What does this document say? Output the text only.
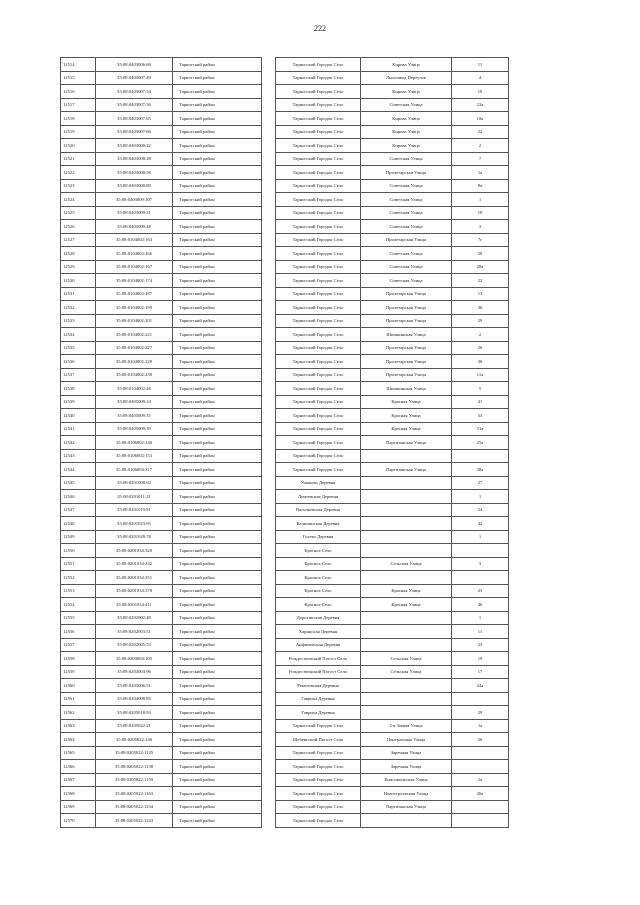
222
12514	35:08:0403006:68	Тарногский район		Тарногский Городок Село	Кирова Улица	11
12515	35:08:0403007:49	Тарногский район		Тарногский Городок Село	Льнозавод Переулок	4
12516	35:08:0403007:54	Тарногский район		Тарногский Городок Село	Кирова Улица	18
12517	35:08:0403007:56	Тарногский район		Тарногский Городок Село	Советская Улица	22а
12518	35:08:0403007:65	Тарногский район		Тарногский Городок Село	Кирова Улица	18а
12519	35:08:0403007:66	Тарногский район		Тарногский Городок Село	Кирова Улица	22
12520	35:08:0403008:22	Тарногский район		Тарногский Городок Село	Кирова Улица	2
12521	35:08:0403008:28	Тарногский район		Тарногский Городок Село	Советская Улица	7
12522	35:08:0403008:58	Тарногский район		Тарногский Городок Село	Пролетарская Улица	1а
12523	35:08:0403008:80	Тарногский район		Тарногский Городок Село	Советская Улица	9а
12524	35:08:0403009:107	Тарногский район		Тарногский Городок Село	Советская Улица	1
12525	35:08:0403009:31	Тарногский район		Тарногский Городок Село	Советская Улица	10
12526	35:08:0403009:48	Тарногский район		Тарногский Городок Село	Советская Улица	3
12527	35:08:0104002:163	Тарногский район		Тарногский Городок Село	Пролетарская Улица	7г
12528	35:08:0104002:166	Тарногский район		Тарногский Городок Село	Советская Улица	28
12529	35:08:0104002:167	Тарногский район		Тарногский Городок Село	Советская Улица	28а
12530	35:08:0104002:174	Тарногский район		Тарногский Городок Село	Советская Улица	22
12531	35:08:0104002:187	Тарногский район		Тарногский Городок Село	Пролетарская Улица	13
12532	35:08:0104002:199	Тарногский район		Тарногский Городок Село	Пролетарская Улица	30
12533	35:08:0104002:201	Тарногский район		Тарногский Городок Село	Пролетарская Улица	29
12534	35:08:0104002:221	Тарногский район		Тарногский Городок Село	Шишкинская Улица	2
12535	35:08:0104002:227	Тарногский район		Тарногский Городок Село	Пролетарская Улица	26
12536	35:08:0104002:229	Тарногский район		Тарногский Городок Село	Пролетарская Улица	30
12537	35:08:0104002:230	Тарногский район		Тарногский Городок Село	Пролетарская Улица	11а
12538	35:08:0104002:48	Тарногский район		Тарногский Городок Село	Шишкинская Улица	5
12539	35:08:0405009:24	Тарногский район		Тарногский Городок Село	Красная Улица	41
12540	35:08:0405009:35	Тарногский район		Тарногский Городок Село	Красная Улица	53
12541	35:08:0405009:39	Тарногский район		Тарногский Городок Село	Красная Улица	51а
12542	35:08:0106002:140	Тарногский район		Тарногский Городок Село	Партизанская Улица	25а
12543	35:08:0106002:153	Тарногский район		Тарногский Городок Село		
12544	35:08:0106004:317	Тарногский район		Тарногский Городок Село	Партизанская Улица	38а
12545	35:08:0201008:62	Тарногский район		Ушаково Деревня		27
12546	35:08:0201011:21	Тарногский район		Ломтевская Деревня		1
12547	35:08:0201019:81	Тарногский район		Васильевская Деревня		24
12548	35:08:0201023:95	Тарногский район		Калининская Деревня		42
12549	35:08:0201028:78	Тарногский район		Гулево Деревня		1
12550	35:08:0201034:320	Тарногский район		Красное Село		
12551	35:08:0201034:332	Тарногский район		Красное Село	Сельская Улица	3
12552	35:08:0201034:351	Тарногский район		Красное Село		
12553	35:08:0201034:378	Тарногский район		Красное Село	Красная Улица	23
12554	35:08:0201034:411	Тарногский район		Красное Село	Красная Улица	46
12555	35:08:0202002:48	Тарногский район		Дорогинская Деревня		1
12556	35:08:0202003:51	Тарногский район		Харинская Деревня		11
12557	35:08:0202005:53	Тарногский район		Анфимовская Деревня		23
12558	35:08:0203004:105	Тарногский район		Рождественский Погост Село	Сельская Улица	19
12559	35:08:0203004:96	Тарногский район		Рождественский Погост Село	Сельская Улица	17
12560	35:08:0203006:51	Тарногский район		Ремезовская Деревня		24а
12561	35:08:0204008:85	Тарногский район		Гавриха Деревня		
12562	35:08:0205018:93	Тарногский район		Гавриха Деревня		29
12563	35:08:0205022:21	Тарногский район		Тарногский Городок Село	2-я Заовая Улица	1а
12564	35:08:0205022:146	Тарногский район		Шебенгский Погост Село	Центральная Улица	56
12565	35:08:0205022:1125	Тарногский район		Тарногский Городок Село	Заречная Улица	
12566	35:08:0205022:1138	Тарногский район		Тарногский Городок Село	Заречная Улица	
12567	35:08:0205022:1159	Тарногский район		Тарногский Городок Село	Комсомольская Улица	1а
12568	35:08:0205022:1163	Тарногский район		Тарногский Городок Село	Новостроевская Улица	26а
12569	35:08:0205022:1234	Тарногский район		Тарногский Городок Село	Партизанская Улица	
12570	35:08:0205022:1243	Тарногский район		Тарногский Городок Село		
